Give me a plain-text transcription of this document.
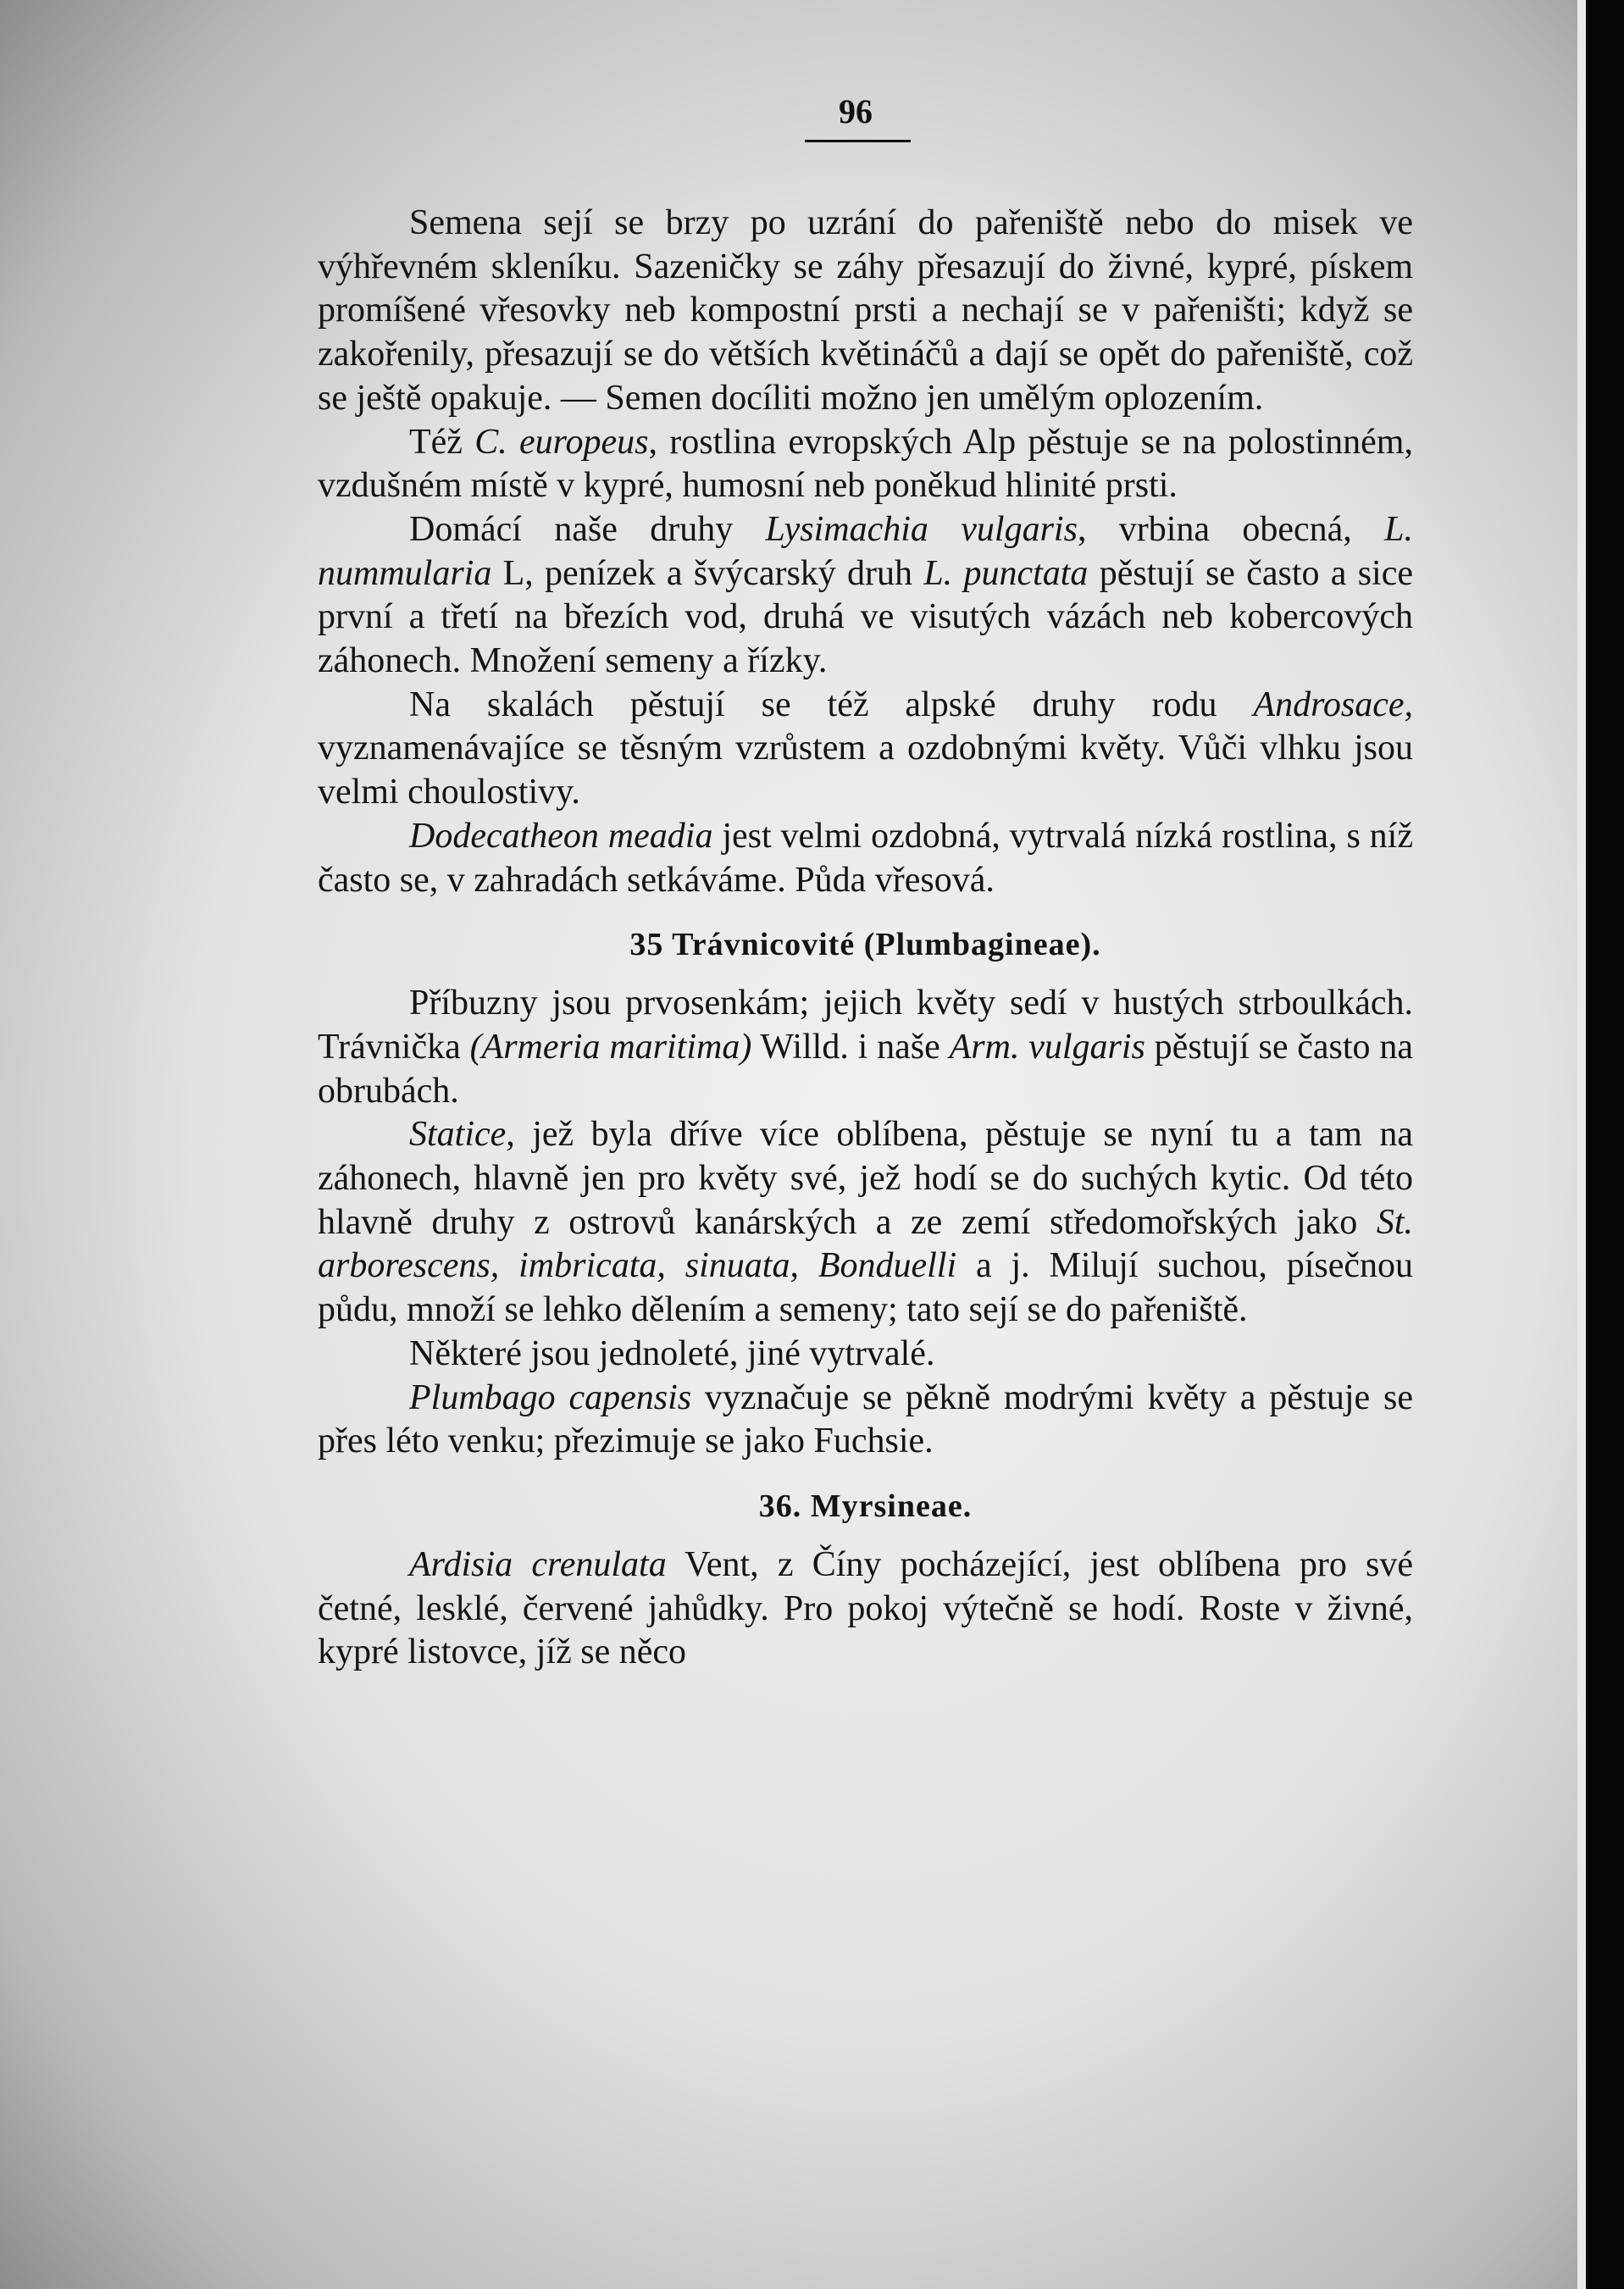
96

Semena sejí se brzy po uzrání do pařeniště nebo do misek ve výhřevném skleníku. Sazeničky se záhy přesazují do živné, kypré, pískem promíšené vřesovky neb kompostní prsti a nechají se v pařeništi; když se zakořenily, přesazují se do větších květináčů a dají se opět do pařeniště, což se ještě opakuje. — Semen docíliti možno jen umělým oplozením.

Též C. europeus, rostlina evropských Alp pěstuje se na polostinném, vzdušném místě v kypré, humosní neb poněkud hlinité prsti.

Domácí naše druhy Lysimachia vulgaris, vrbina obecná, L. nummularia L, penízek a švýcarský druh L. punctata pěstují se často a sice první a třetí na březích vod, druhá ve visutých vázách neb kobercových záhonech. Množení semeny a řízky.

Na skalách pěstují se též alpské druhy rodu Androsace, vyznamenávajíce se těsným vzrůstem a ozdobnými květy. Vůči vlhku jsou velmi choulostivy.

Dodecatheon meadia jest velmi ozdobná, vytrvalá nízká rostlina, s níž často se, v zahradách setkáváme. Půda vřesová.

35 Trávnicovité (Plumbagineae).

Příbuzny jsou prvosenkám; jejich květy sedí v hustých strboulkách. Trávnička (Armeria maritima) Willd. i naše Arm. vulgaris pěstují se často na obrubách.

Statice, jež byla dříve více oblíbena, pěstuje se nyní tu a tam na záhonech, hlavně jen pro květy své, jež hodí se do suchých kytic. Od této hlavně druhy z ostrovů kanárských a ze zemí středomořských jako St. arborescens, imbricata, sinuata, Bonduelli a j. Milují suchou, písečnou půdu, množí se lehko dělením a semeny; tato sejí se do pařeniště.

Některé jsou jednoleté, jiné vytrvalé.

Plumbago capensis vyznačuje se pěkně modrými květy a pěstuje se přes léto venku; přezimuje se jako Fuchsie.

36. Myrsineae.

Ardisia crenulata Vent, z Číny pocházející, jest oblíbena pro své četné, lesklé, červené jahůdky. Pro pokoj výtečně se hodí. Roste v živné, kypré listovce, jíž se něco
